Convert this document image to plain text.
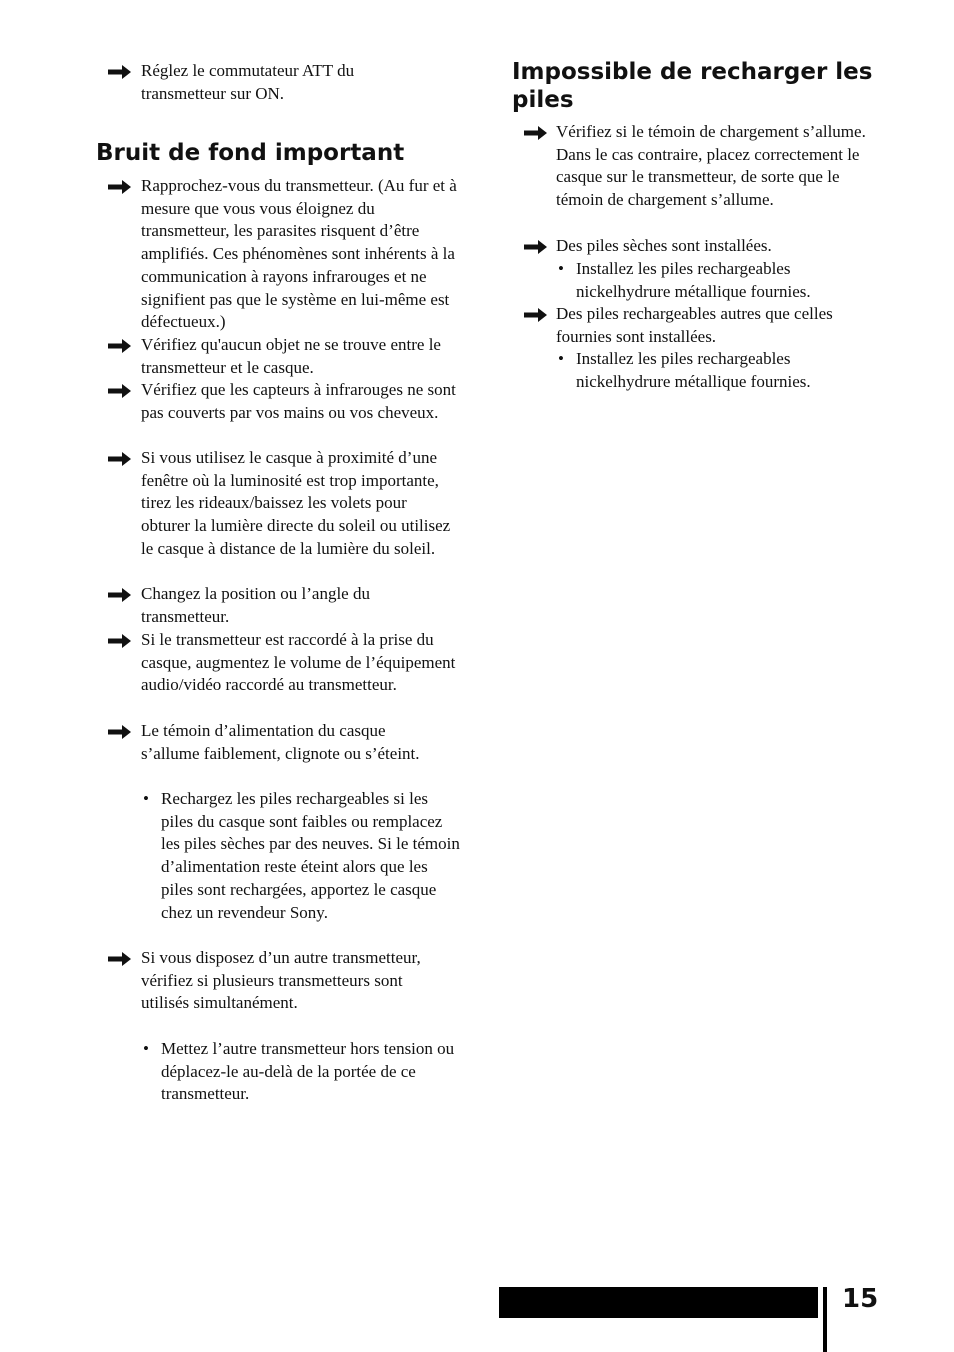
Réglez le commutateur ATT du transmetteur sur ON.
Bruit de fond important
Rapprochez-vous du transmetteur. (Au fur et à mesure que vous vous éloignez du transmetteur, les parasites risquent d’être amplifiés. Ces phénomènes sont inhérents à la communication à rayons infrarouges et ne signifient pas que le système en lui-même est défectueux.)
Vérifiez qu'aucun objet ne se trouve entre le transmetteur et le casque.
Vérifiez que les capteurs à infrarouges ne sont pas couverts par vos mains ou vos cheveux.
Si vous utilisez le casque à proximité d’une fenêtre où la luminosité est trop importante, tirez les rideaux/baissez les volets pour obturer la lumière directe du soleil ou utilisez le casque à distance de la lumière du soleil.
Changez la position ou l’angle du transmetteur.
Si le transmetteur est raccordé à la prise du casque, augmentez le volume de l’équipement audio/vidéo raccordé au transmetteur.
Le témoin d’alimentation du casque s’allume faiblement, clignote ou s’éteint.
• Rechargez les piles rechargeables si les piles du casque sont faibles ou remplacez les piles sèches par des neuves. Si le témoin d’alimentation reste éteint alors que les piles sont rechargées, apportez le casque chez un revendeur Sony.
Si vous disposez d’un autre transmetteur, vérifiez si plusieurs transmetteurs sont utilisés simultanément.
• Mettez l’autre transmetteur hors tension ou déplacez-le au-delà de la portée de ce transmetteur.
Impossible de recharger les piles
Vérifiez si le témoin de chargement s’allume. Dans le cas contraire, placez correctement le casque sur le transmetteur, de sorte que le témoin de chargement s’allume.
Des piles sèches sont installées.
• Installez les piles rechargeables nickelhydrure métallique fournies.
Des piles rechargeables autres que celles fournies sont installées.
• Installez les piles rechargeables nickelhydrure métallique fournies.
15
